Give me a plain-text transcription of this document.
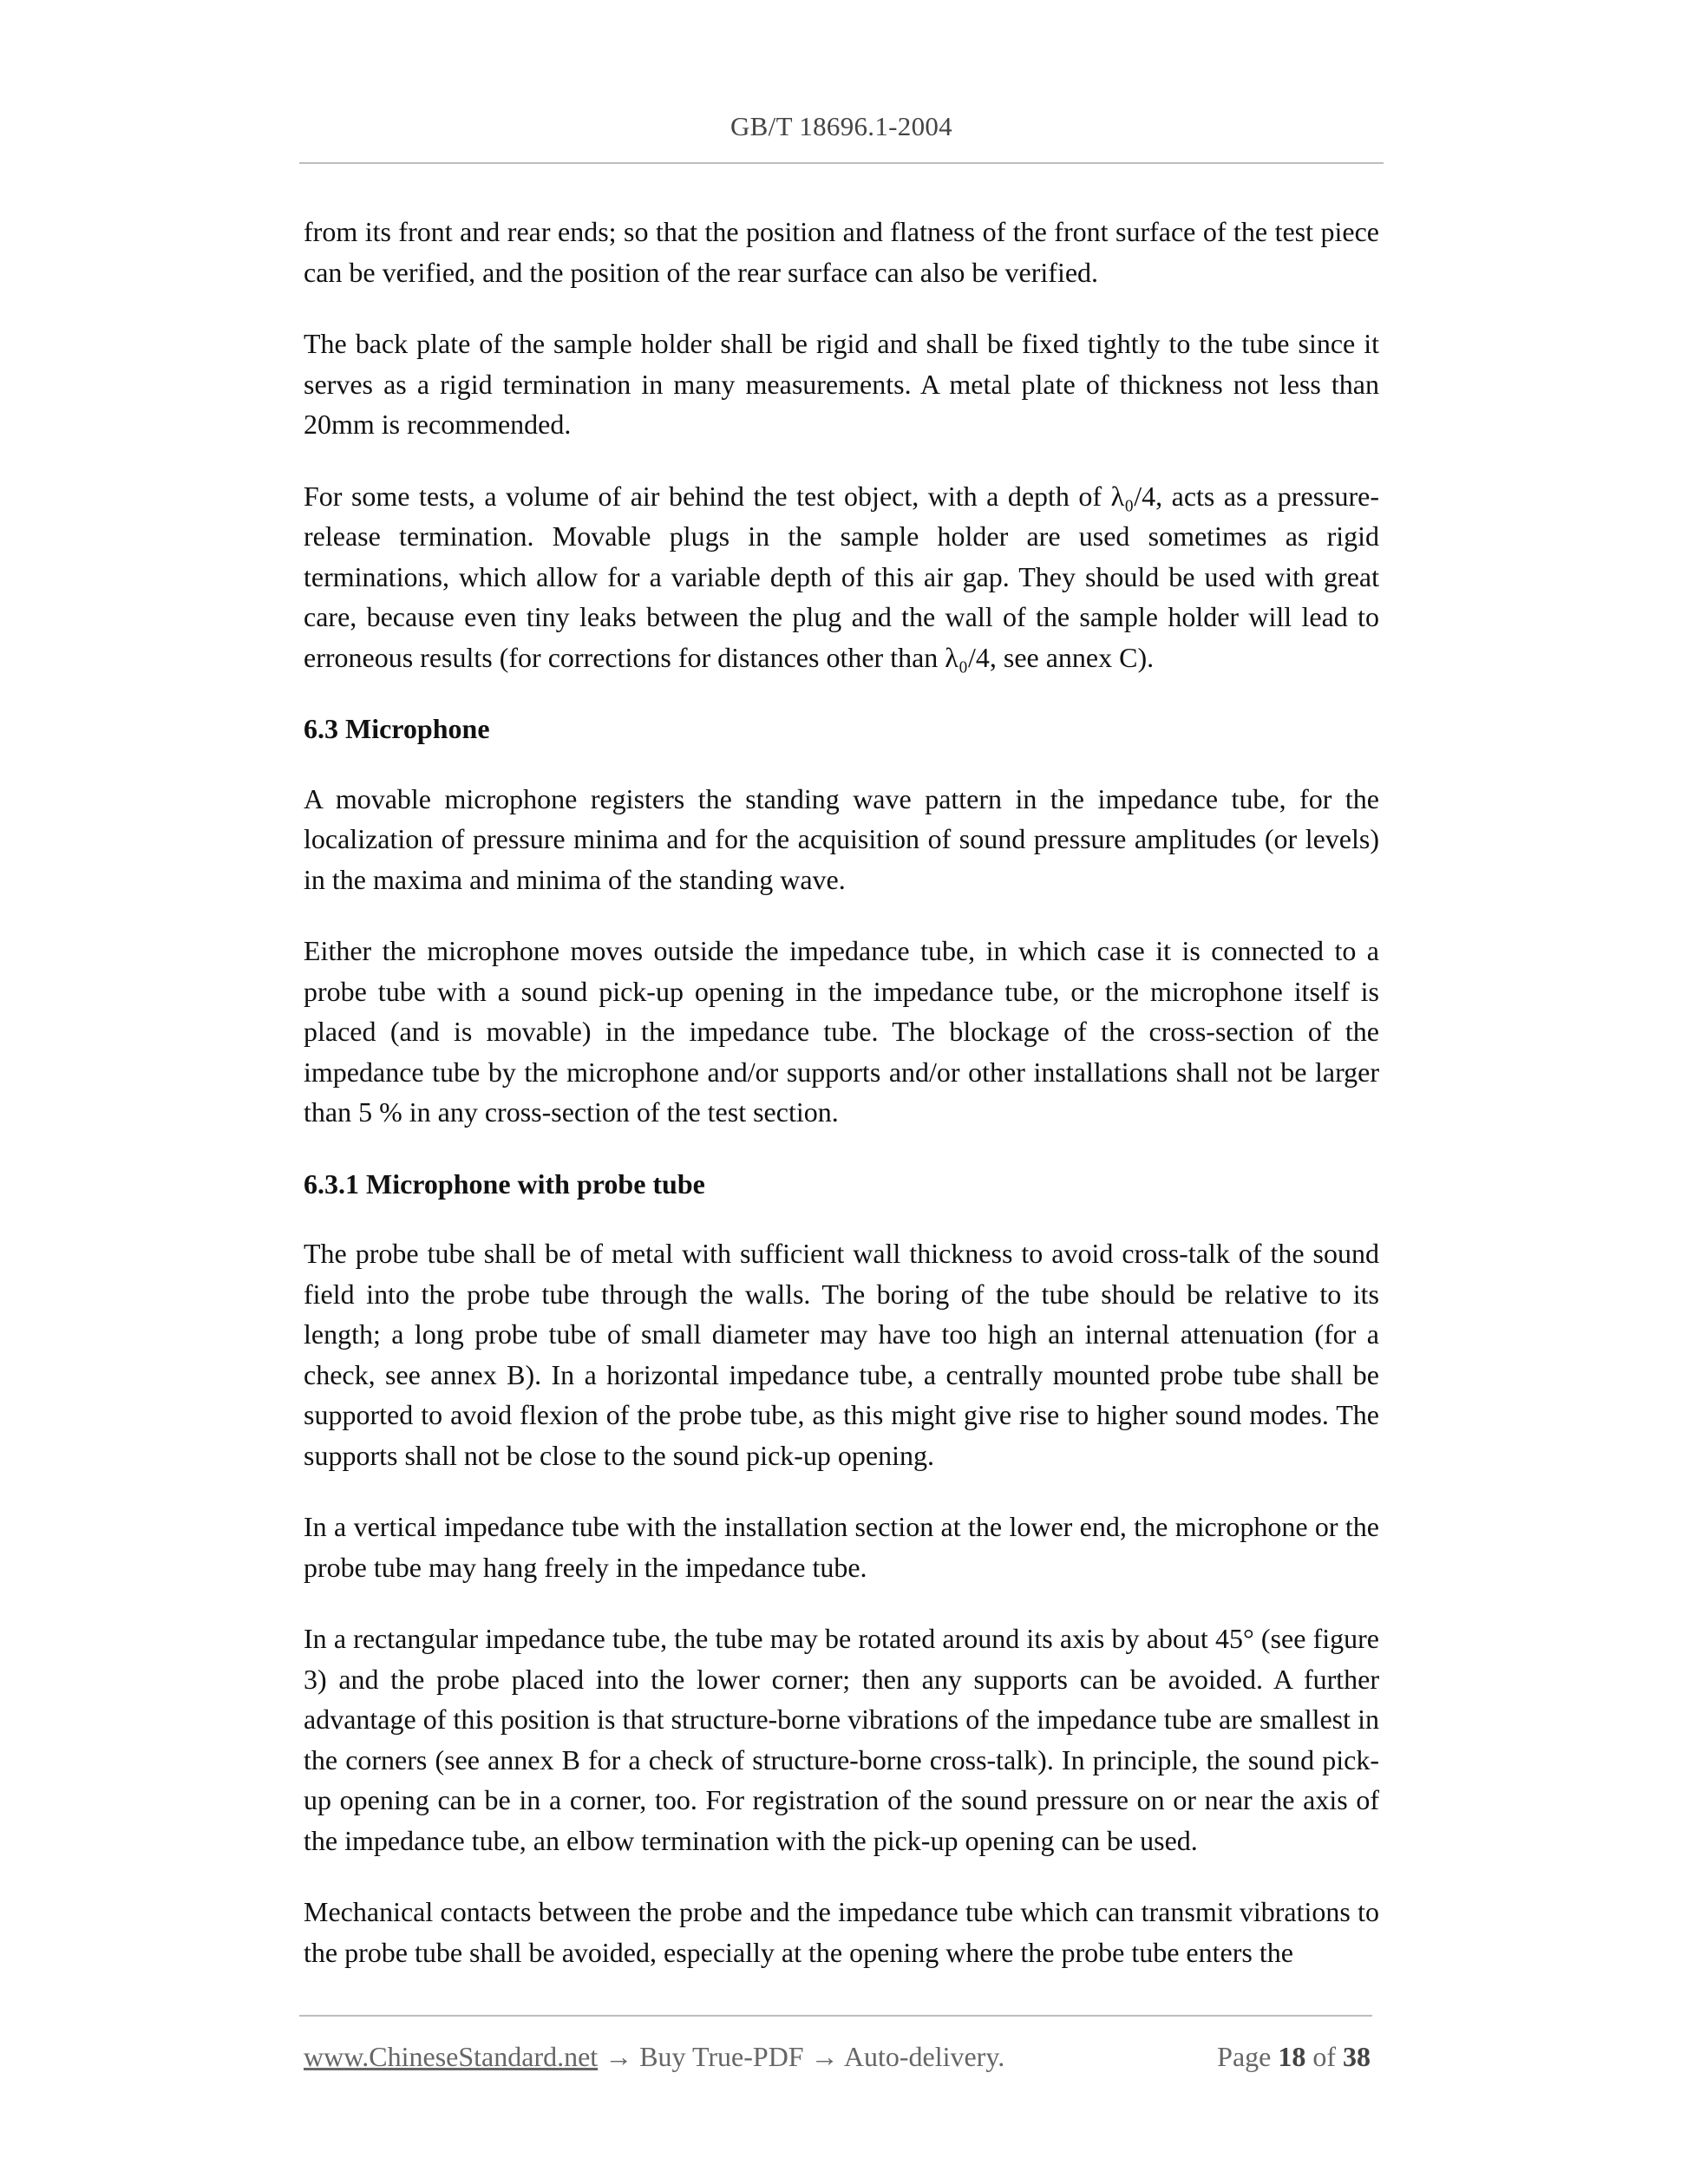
GB/T 18696.1-2004

from its front and rear ends; so that the position and flatness of the front surface of the test piece can be verified, and the position of the rear surface can also be verified.

The back plate of the sample holder shall be rigid and shall be fixed tightly to the tube since it serves as a rigid termination in many measurements. A metal plate of thickness not less than 20mm is recommended.

For some tests, a volume of air behind the test object, with a depth of λ₀/4, acts as a pressure-release termination. Movable plugs in the sample holder are used sometimes as rigid terminations, which allow for a variable depth of this air gap. They should be used with great care, because even tiny leaks between the plug and the wall of the sample holder will lead to erroneous results (for corrections for distances other than λ₀/4, see annex C).

6.3 Microphone

A movable microphone registers the standing wave pattern in the impedance tube, for the localization of pressure minima and for the acquisition of sound pressure amplitudes (or levels) in the maxima and minima of the standing wave.

Either the microphone moves outside the impedance tube, in which case it is connected to a probe tube with a sound pick-up opening in the impedance tube, or the microphone itself is placed (and is movable) in the impedance tube. The blockage of the cross-section of the impedance tube by the microphone and/or supports and/or other installations shall not be larger than 5 % in any cross-section of the test section.

6.3.1 Microphone with probe tube

The probe tube shall be of metal with sufficient wall thickness to avoid cross-talk of the sound field into the probe tube through the walls. The boring of the tube should be relative to its length; a long probe tube of small diameter may have too high an internal attenuation (for a check, see annex B). In a horizontal impedance tube, a centrally mounted probe tube shall be supported to avoid flexion of the probe tube, as this might give rise to higher sound modes. The supports shall not be close to the sound pick-up opening.

In a vertical impedance tube with the installation section at the lower end, the microphone or the probe tube may hang freely in the impedance tube.

In a rectangular impedance tube, the tube may be rotated around its axis by about 45° (see figure 3) and the probe placed into the lower corner; then any supports can be avoided. A further advantage of this position is that structure-borne vibrations of the impedance tube are smallest in the corners (see annex B for a check of structure-borne cross-talk). In principle, the sound pick-up opening can be in a corner, too. For registration of the sound pressure on or near the axis of the impedance tube, an elbow termination with the pick-up opening can be used.

Mechanical contacts between the probe and the impedance tube which can transmit vibrations to the probe tube shall be avoided, especially at the opening where the probe tube enters the

www.ChineseStandard.net → Buy True-PDF → Auto-delivery.	Page 18 of 38
